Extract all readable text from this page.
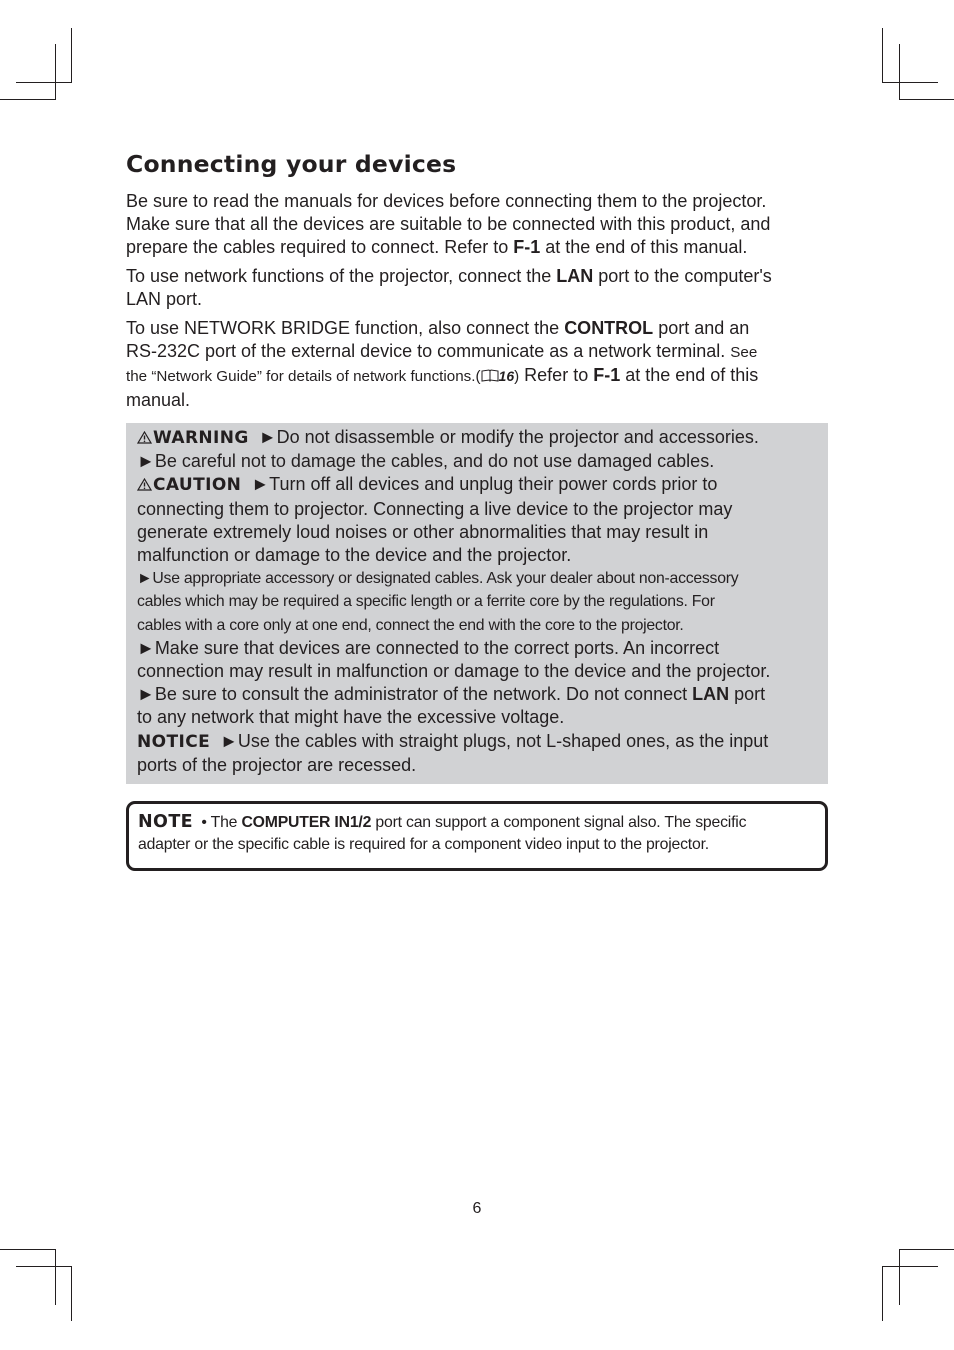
Connecting your devices

Be sure to read the manuals for devices before connecting them to the projector.
Make sure that all the devices are suitable to be connected with this product, and
prepare the cables required to connect. Refer to F-1 at the end of this manual.

To use network functions of the projector, connect the LAN port to the computer's
LAN port.

To use NETWORK BRIDGE function, also connect the CONTROL port and an
RS-232C port of the external device to communicate as a network terminal. See
the “Network Guide” for details of network functions.( 16) Refer to F-1 at the end of this
manual.

WARNING ►Do not disassemble or modify the projector and accessories.
►Be careful not to damage the cables, and do not use damaged cables.
CAUTION ►Turn off all devices and unplug their power cords prior to
connecting them to projector. Connecting a live device to the projector may
generate extremely loud noises or other abnormalities that may result in
malfunction or damage to the device and the projector.
►Use appropriate accessory or designated cables. Ask your dealer about non-accessory
cables which may be required a specific length or a ferrite core by the regulations. For
cables with a core only at one end, connect the end with the core to the projector.
►Make sure that devices are connected to the correct ports. An incorrect
connection may result in malfunction or damage to the device and the projector.
►Be sure to consult the administrator of the network. Do not connect LAN port
to any network that might have the excessive voltage.
NOTICE ►Use the cables with straight plugs, not L-shaped ones, as the input
ports of the projector are recessed.
NOTE • The COMPUTER IN1/2 port can support a component signal also. The specific
adapter or the specific cable is required for a component video input to the projector.
6
